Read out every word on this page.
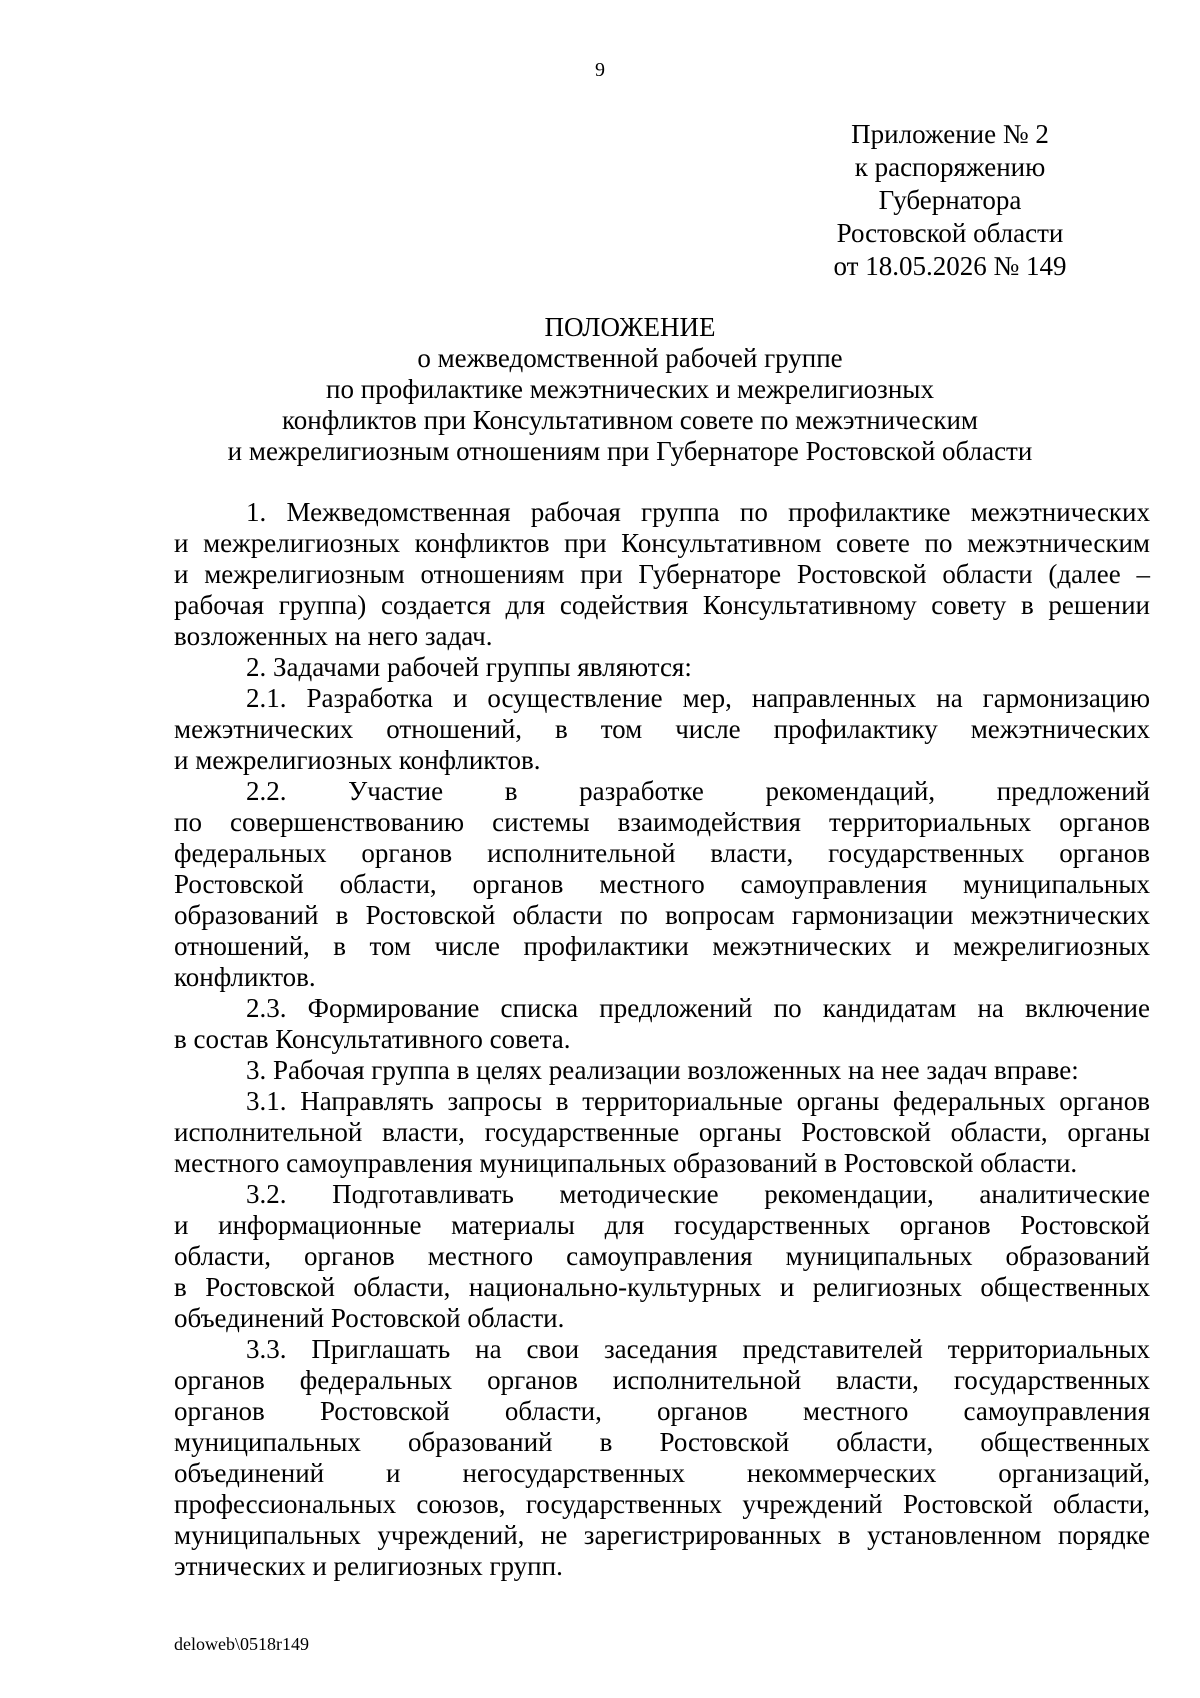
9
Приложение № 2
к распоряжению
Губернатора
Ростовской области
от 18.05.2026 № 149
ПОЛОЖЕНИЕ
о межведомственной рабочей группе
по профилактике межэтнических и межрелигиозных
конфликтов при Консультативном совете по межэтническим
и межрелигиозным отношениям при Губернаторе Ростовской области
1. Межведомственная рабочая группа по профилактике межэтнических
и межрелигиозных конфликтов при Консультативном совете по межэтническим
и межрелигиозным отношениям при Губернаторе Ростовской области (далее –
рабочая группа) создается для содействия Консультативному совету в решении
возложенных на него задач.
2. Задачами рабочей группы являются:
2.1. Разработка и осуществление мер, направленных на гармонизацию
межэтнических отношений, в том числе профилактику межэтнических
и межрелигиозных конфликтов.
2.2. Участие в разработке рекомендаций, предложений
по совершенствованию системы взаимодействия территориальных органов
федеральных органов исполнительной власти, государственных органов
Ростовской области, органов местного самоуправления муниципальных
образований в Ростовской области по вопросам гармонизации межэтнических
отношений, в том числе профилактики межэтнических и межрелигиозных
конфликтов.
2.3. Формирование списка предложений по кандидатам на включение
в состав Консультативного совета.
3. Рабочая группа в целях реализации возложенных на нее задач вправе:
3.1. Направлять запросы в территориальные органы федеральных органов
исполнительной власти, государственные органы Ростовской области, органы
местного самоуправления муниципальных образований в Ростовской области.
3.2. Подготавливать методические рекомендации, аналитические
и информационные материалы для государственных органов Ростовской
области, органов местного самоуправления муниципальных образований
в Ростовской области, национально-культурных и религиозных общественных
объединений Ростовской области.
3.3. Приглашать на свои заседания представителей территориальных
органов федеральных органов исполнительной власти, государственных
органов Ростовской области, органов местного самоуправления
муниципальных образований в Ростовской области, общественных
объединений и негосударственных некоммерческих организаций,
профессиональных союзов, государственных учреждений Ростовской области,
муниципальных учреждений, не зарегистрированных в установленном порядке
этнических и религиозных групп.
deloweb\0518r149
